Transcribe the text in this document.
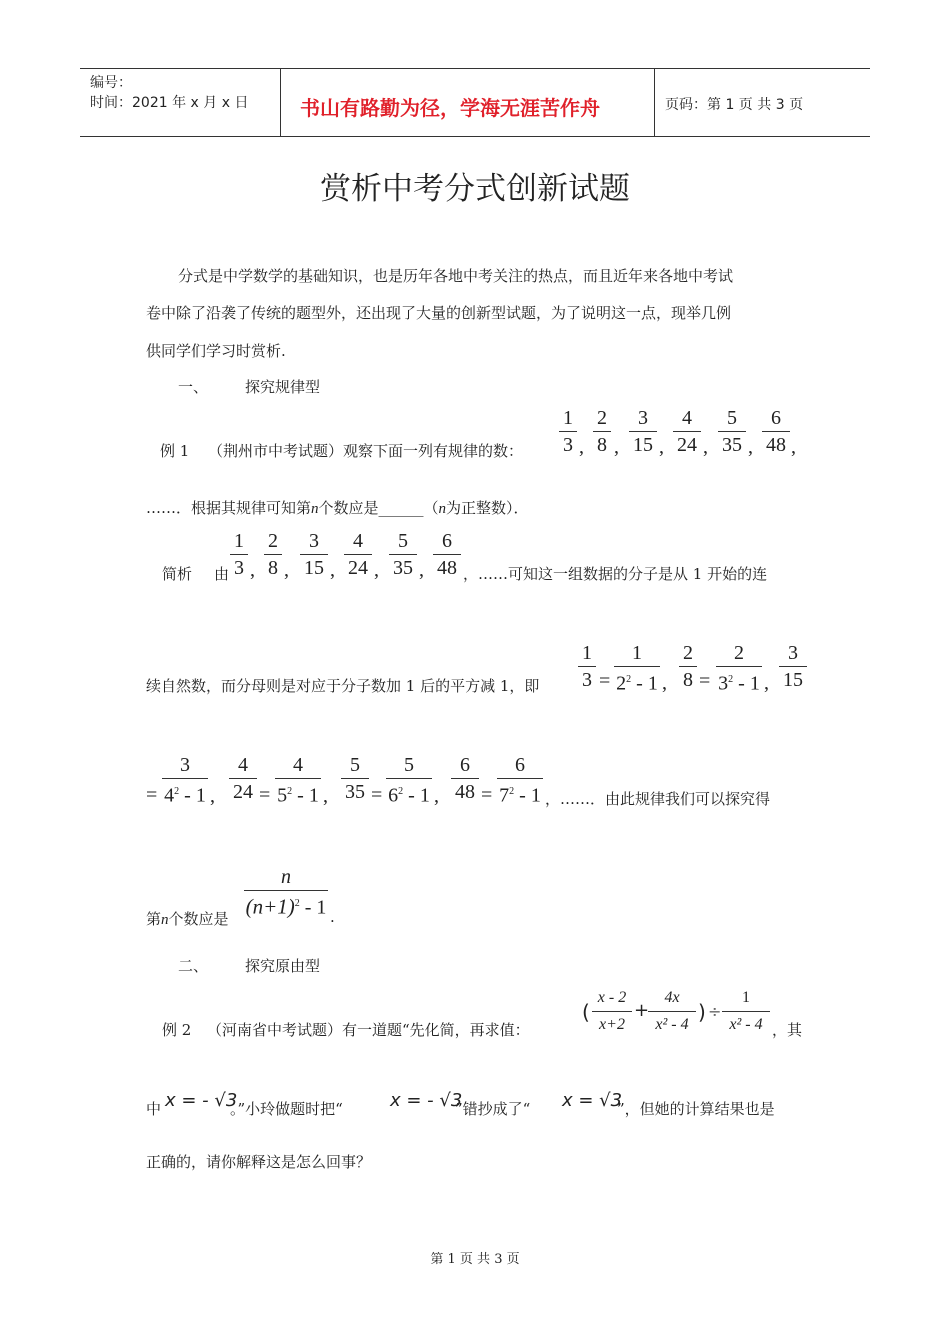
编号：
时间：2021 年 x 月 x 日	书山有路勤为径，学海无涯苦作舟	页码：第 1 页 共 3 页
赏析中考分式创新试题
分式是中学数学的基础知识，也是历年各地中考关注的热点，而且近年来各地中考试
卷中除了沿袭了传统的题型外，还出现了大量的创新型试题，为了说明这一点，现举几例
供同学们学习时赏析.
一、 探究规律型
例 1 （荆州市中考试题）观察下面一列有规律的数： $\frac{1}{3}$ , $\frac{2}{8}$ , $\frac{3}{15}$ , $\frac{4}{24}$ , $\frac{5}{35}$ , $\frac{6}{48}$ ,
……．根据其规律可知第n个数应是______（n为正整数）．
简析 由 $\frac{1}{3}$ , $\frac{2}{8}$ , $\frac{3}{15}$ , $\frac{4}{24}$ , $\frac{5}{35}$ , $\frac{6}{48}$ ，……可知这一组数据的分子是从 1 开始的连
续自然数，而分母则是对应于分子数加 1 后的平方减 1，即 $\frac{1}{3} = \frac{1}{2^2 - 1}$ , $\frac{2}{8} = \frac{2}{3^2 - 1}$ , $\frac{3}{15}$
= $\frac{3}{4^2 - 1}$ , $\frac{4}{24} = \frac{4}{5^2 - 1}$ , $\frac{5}{35} = \frac{5}{6^2 - 1}$ , $\frac{6}{48} = \frac{6}{7^2 - 1}$ ，……．由此规律我们可以探究得
第n个数应是 $\frac{n}{(n+1)^2 - 1}$ .
二、 探究原由型
例 2 （河南省中考试题）有一道题“先化简，再求值：
( $\frac{x - 2}{x+2}$ +
$\frac{4x}{\text{x² - 4}}$ ) ÷ $\frac{1}{\text{x² - 4}}$ ，其
中 x = - √3
。”小玲做题时把“	x = - √3
”错抄成了“ x = √3
”，但她的计算结果也是
正确的，请你解释这是怎么回事？
第 1 页 共 3 页
